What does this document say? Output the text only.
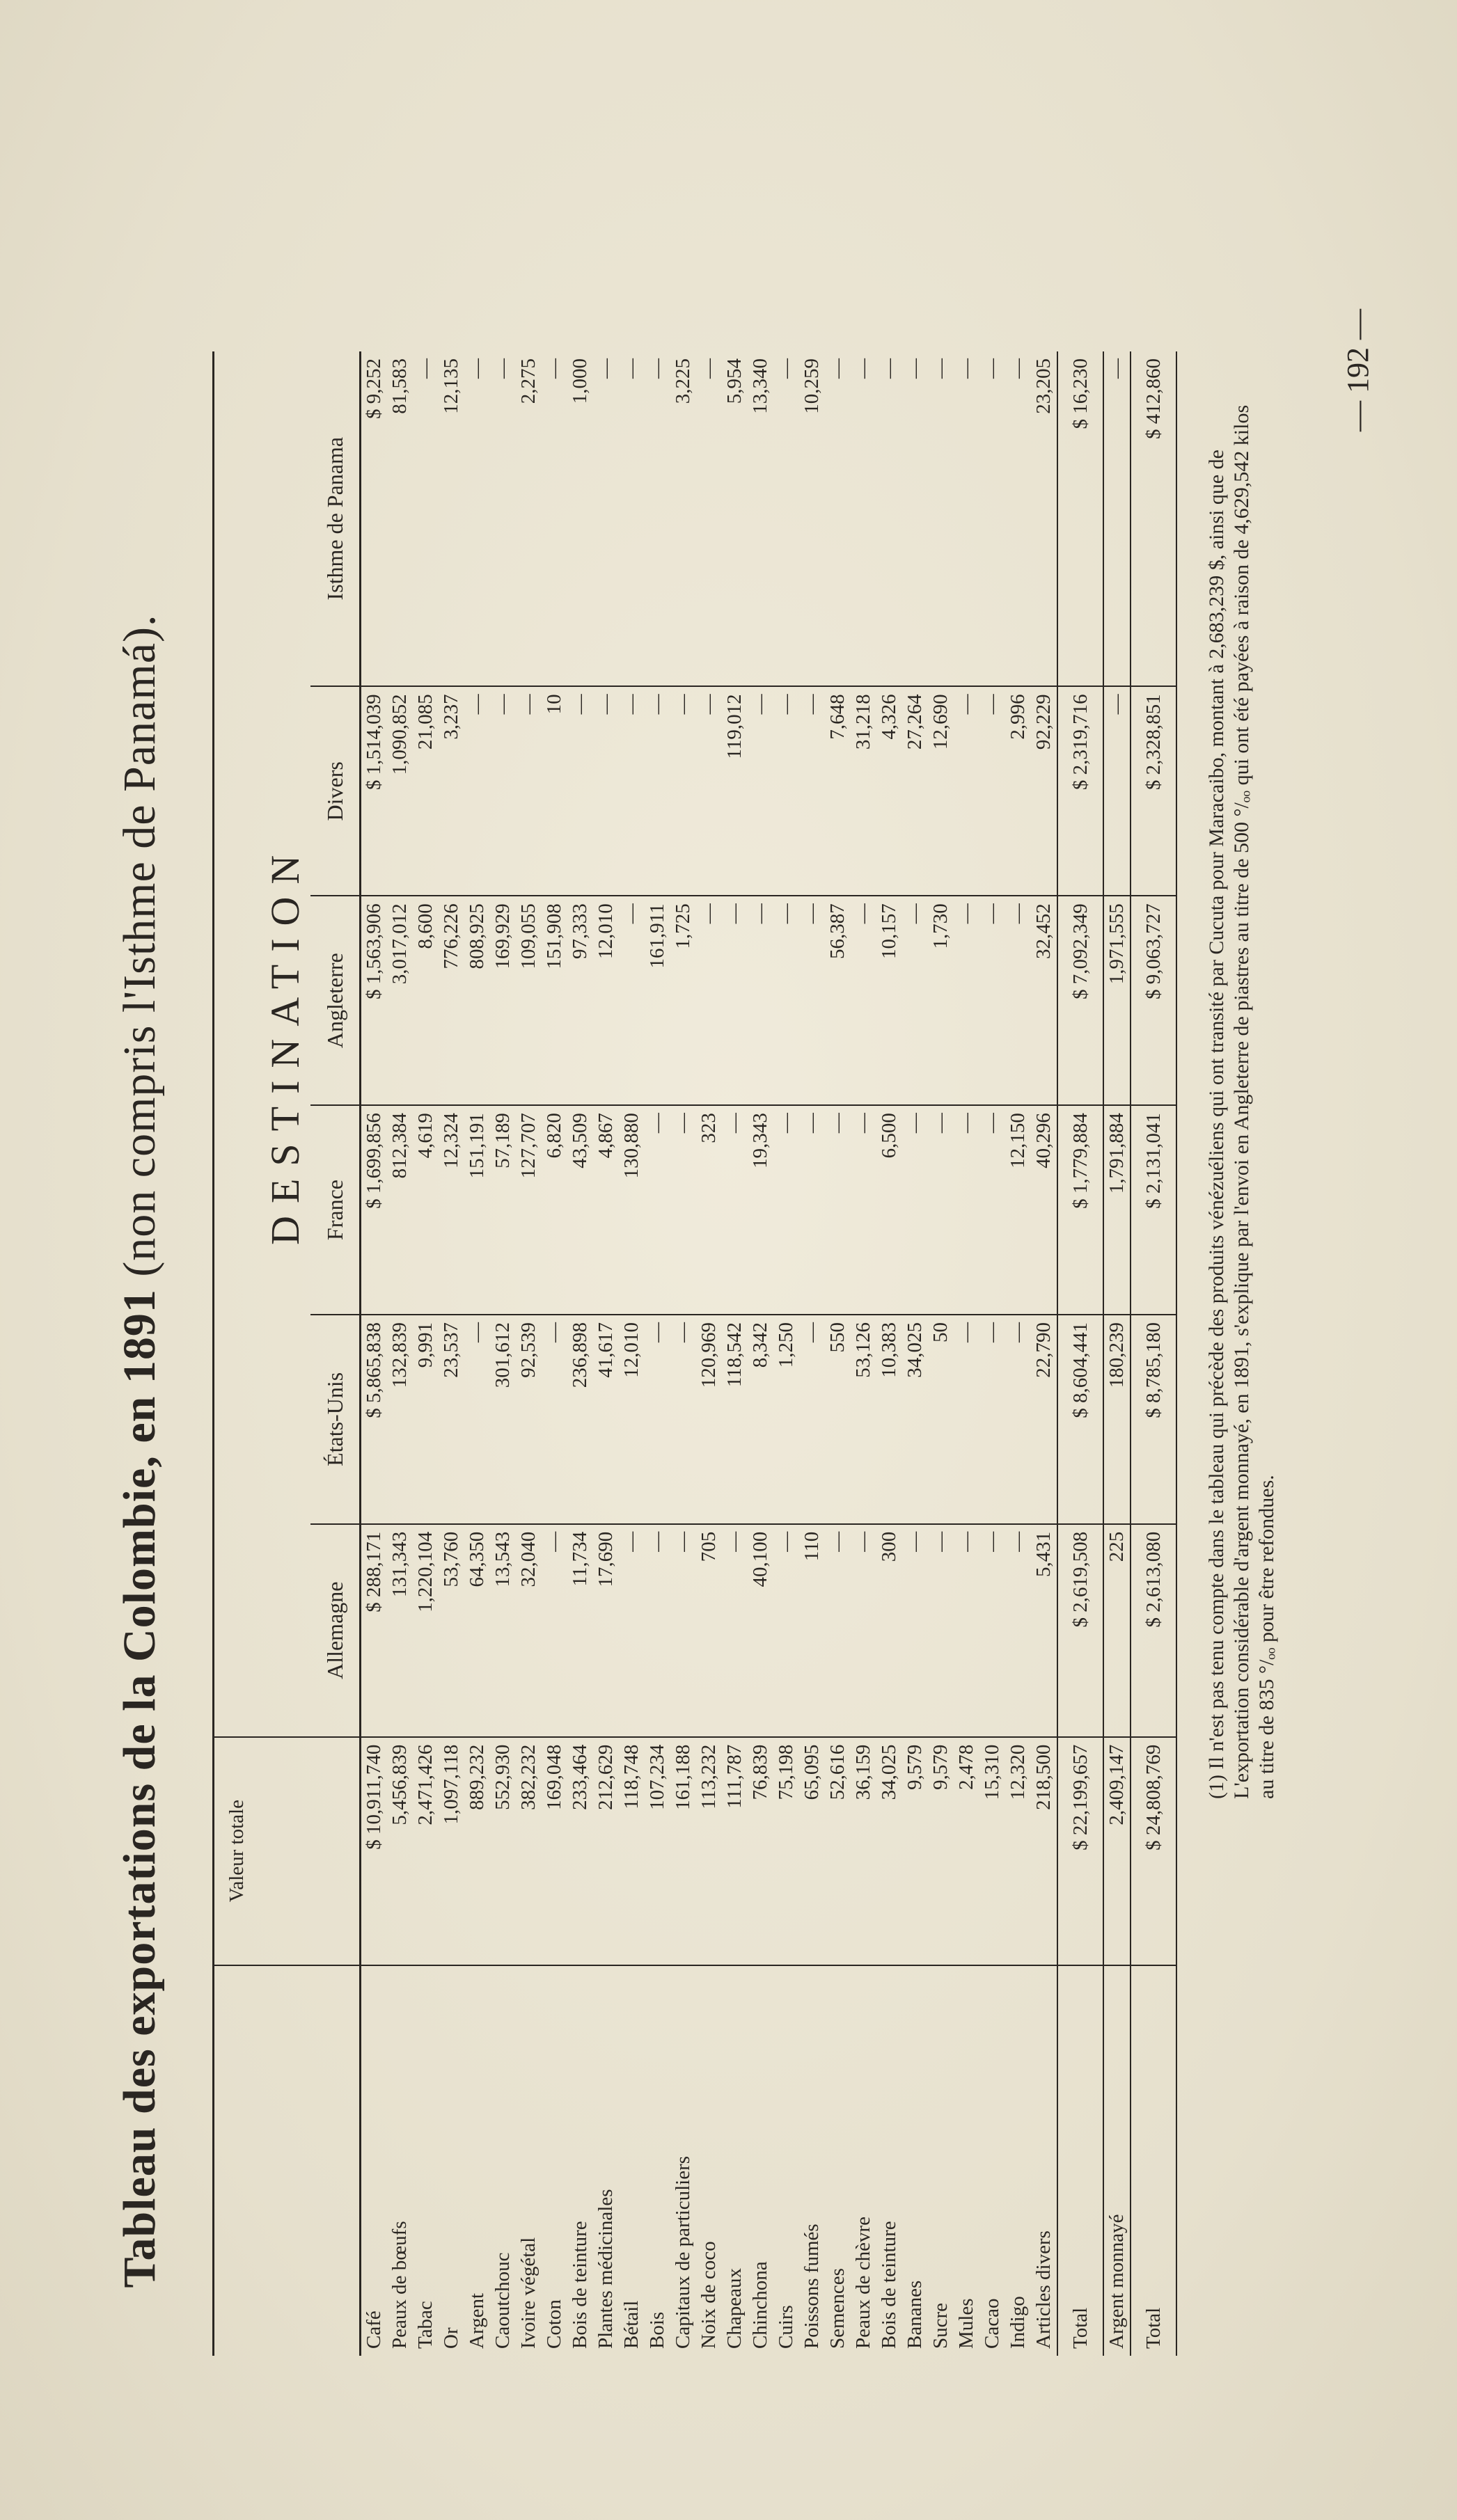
— 192 —
Tableau des exportations de la Colombie, en 1891 (non compris l'Isthme de Panamá).
	Valeur totale						
		DESTINATION					
		Allemagne	États-Unis	France	Angleterre	Divers	Isthme de Panama
Café	$ 10,911,740	$ 288,171	$ 5,865,838	$ 1,699,856	$ 1,563,906	$ 1,514,039	$ 9,252
Peaux de bœufs	5,456,839	131,343	132,839	812,384	3,017,012	1,090,852	81,583
Tabac	2,471,426	1,220,104	9,991	4,619	8,600	21,085	—
Or	1,097,118	53,760	23,537	12,324	776,226	3,237	12,135
Argent	889,232	64,350	—	151,191	808,925	—	—
Caoutchouc	552,930	13,543	301,612	57,189	169,929	—	—
Ivoire végétal	382,232	32,040	92,539	127,707	109,055	—	2,275
Coton	169,048	—	—	6,820	151,908	10	—
Bois de teinture	233,464	11,734	236,898	43,509	97,333	—	1,000
Plantes médicinales	212,629	17,690	41,617	4,867	12,010	—	—
Bétail	118,748	—	12,010	130,880	—	—	—
Bois	107,234	—	—	—	161,911	—	—
Capitaux de particuliers	161,188	—	—	—	1,725	—	3,225
Noix de coco	113,232	705	120,969	323	—	—	—
Chapeaux	111,787	—	118,542	—	—	119,012	5,954
Chinchona	76,839	40,100	8,342	19,343	—	—	13,340
Cuirs	75,198	—	1,250	—	—	—	—
Poissons fumés	65,095	110	—	—	—	—	10,259
Semences	52,616	—	550	—	56,387	7,648	—
Peaux de chèvre	36,159	—	53,126	—	—	31,218	—
Bois de teinture	34,025	300	10,383	6,500	10,157	4,326	—
Bananes	9,579	—	34,025	—	—	27,264	—
Sucre	9,579	—	50	—	1,730	12,690	—
Mules	2,478	—	—	—	—	—	—
Cacao	15,310	—	—	—	—	—	—
Indigo	12,320	—	—	12,150	—	2,996	—
Articles divers	218,500	5,431	22,790	40,296	32,452	92,229	23,205
Total	$ 22,199,657	$ 2,619,508	$ 8,604,441	$ 1,779,884	$ 7,092,349	$ 2,319,716	$ 16,230
Argent monnayé	2,409,147	225	180,239	1,791,884	1,971,555	—	—
Total	$ 24,808,769	$ 2,613,080	$ 8,785,180	$ 2,131,041	$ 9,063,727	$ 2,328,851	$ 412,860
(1) Il n'est pas tenu compte dans le tableau qui précède des produits vénézuéliens qui ont transité par Cucuta pour Maracaibo, montant à 2,683,239 $, ainsi que de L'exportation considérable d'argent monnayé, en 1891, s'explique par l'envoi en Angleterre de piastres au titre de 500 °/ₒₒ qui ont été payées à raison de 4,629,542 kilos au titre de 835 °/ₒₒ pour être refondues.
